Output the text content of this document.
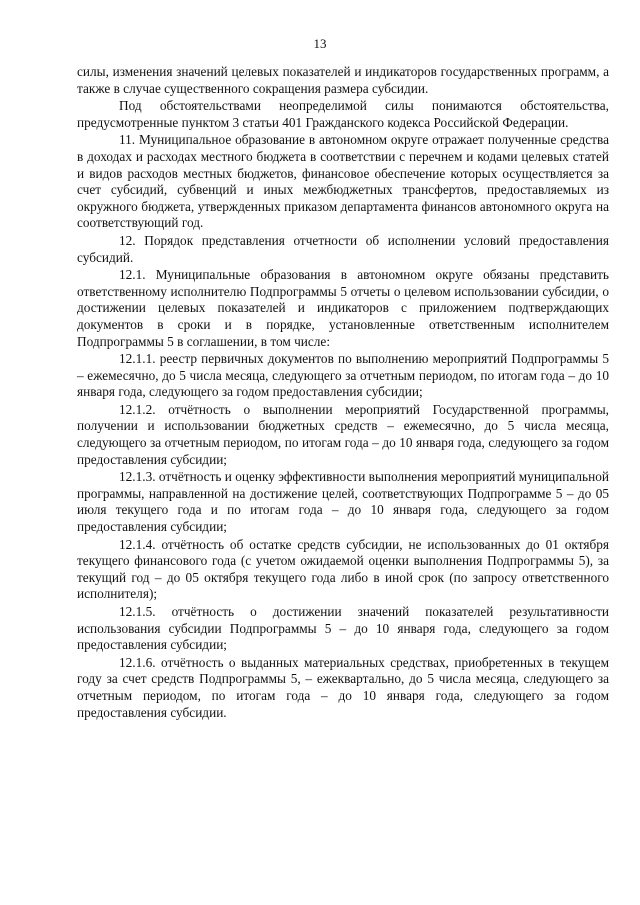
13

силы, изменения значений целевых показателей и индикаторов государственных программ, а также в случае существенного сокращения размера субсидии.

Под обстоятельствами неопределимой силы понимаются обстоятельства, предусмотренные пунктом 3 статьи 401 Гражданского кодекса Российской Федерации.

11. Муниципальное образование в автономном округе отражает полученные средства в доходах и расходах местного бюджета в соответствии с перечнем и кодами целевых статей и видов расходов местных бюджетов, финансовое обеспечение которых осуществляется за счет субсидий, субвенций и иных межбюджетных трансфертов, предоставляемых из окружного бюджета, утвержденных приказом департамента финансов автономного округа на соответствующий год.

12. Порядок представления отчетности об исполнении условий предоставления субсидий.

12.1. Муниципальные образования в автономном округе обязаны представить ответственному исполнителю Подпрограммы 5 отчеты о целевом использовании субсидии, о достижении целевых показателей и индикаторов с приложением подтверждающих документов в сроки и в порядке, установленные ответственным исполнителем Подпрограммы 5 в соглашении, в том числе:

12.1.1. реестр первичных документов по выполнению мероприятий Подпрограммы 5 – ежемесячно, до 5 числа месяца, следующего за отчетным периодом, по итогам года – до 10 января года, следующего за годом предоставления субсидии;

12.1.2. отчётность о выполнении мероприятий Государственной программы, получении и использовании бюджетных средств – ежемесячно, до 5 числа месяца, следующего за отчетным периодом, по итогам года – до 10 января года, следующего за годом предоставления субсидии;

12.1.3. отчётность и оценку эффективности выполнения мероприятий муниципальной программы, направленной на достижение целей, соответствующих Подпрограмме 5 – до 05 июля текущего года и по итогам года – до 10 января года, следующего за годом предоставления субсидии;

12.1.4. отчётность об остатке средств субсидии, не использованных до 01 октября текущего финансового года (с учетом ожидаемой оценки выполнения Подпрограммы 5), за текущий год – до 05 октября текущего года либо в иной срок (по запросу ответственного исполнителя);

12.1.5. отчётность о достижении значений показателей результативности использования субсидии Подпрограммы 5 – до 10 января года, следующего за годом предоставления субсидии;

12.1.6. отчётность о выданных материальных средствах, приобретенных в текущем году за счет средств Подпрограммы 5, – ежеквартально, до 5 числа месяца, следующего за отчетным периодом, по итогам года – до 10 января года, следующего за годом предоставления субсидии.
